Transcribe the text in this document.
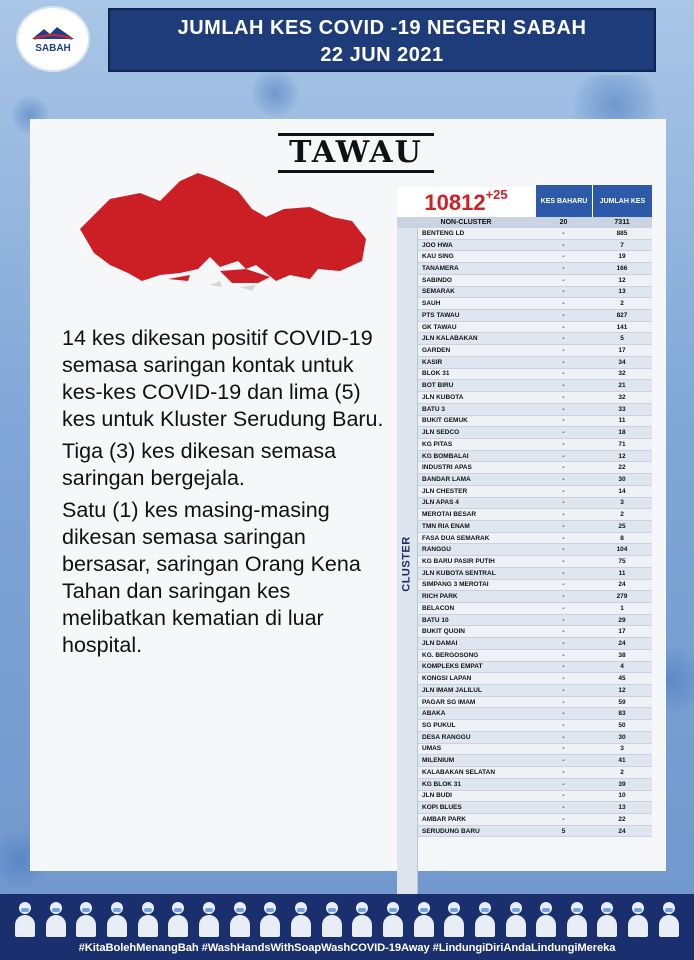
SABAH
JUMLAH KES COVID -19 NEGERI SABAH
22 JUN 2021
TAWAU

14 kes dikesan positif COVID-19 semasa saringan kontak untuk kes-kes COVID-19 dan lima (5) kes untuk Kluster Serudung Baru.

Tiga (3) kes dikesan semasa saringan bergejala.

Satu (1) kes masing-masing dikesan semasa saringan bersasar, saringan Orang Kena Tahan dan saringan kes melibatkan kematian di luar hospital.

10812 +25	KES BAHARU	JUMLAH KES
NON-CLUSTER	20	7311
CLUSTER
BENTENG LD	-	885
JOO HWA	-	7
KAU SING	-	19
TANAMERA	-	166
SABINDO	-	12
SEMARAK	-	13
SAUH	-	2
PTS TAWAU	-	827
GK TAWAU	-	141
JLN KALABAKAN	-	5
GARDEN	-	17
KASIR	-	34
BLOK 31	-	32
BOT BIRU	-	21
JLN KUBOTA	-	32
BATU 3	-	33
BUKIT GEMUK	-	11
JLN SEDCO	-	18
KG PITAS	-	71
KG BOMBALAI	-	12
INDUSTRI APAS	-	22
BANDAR LAMA	-	30
JLN CHESTER	-	14
JLN APAS 4	-	3
MEROTAI BESAR	-	2
TMN RIA ENAM	-	25
FASA DUA SEMARAK	-	8
RANGGU	-	104
KG BARU PASIR PUTIH	-	75
JLN KUBOTA SENTRAL	-	11
SIMPANG 3 MEROTAI	-	24
RICH PARK	-	279
BELACON	-	1
BATU 10	-	29
BUKIT QUOIN	-	17
JLN DAMAI	-	24
KG. BERGOSONG	-	38
KOMPLEKS EMPAT	-	4
KONGSI LAPAN	-	45
JLN IMAM JALILUL	-	12
PAGAR SG IMAM	-	59
ABAKA	-	83
SG PUKUL	-	50
DESA RANGGU	-	30
UMAS	-	3
MILENIUM	-	41
KALABAKAN SELATAN	-	2
KG BLOK 31	-	39
JLN BUDI	-	10
KOPI BLUES	-	13
AMBAR PARK	-	22
SERUDUNG BARU	5	24
#KitaBolehMenangBah #WashHandsWithSoapWashCOVID-19Away #LindungiDiriAndaLindungiMereka
